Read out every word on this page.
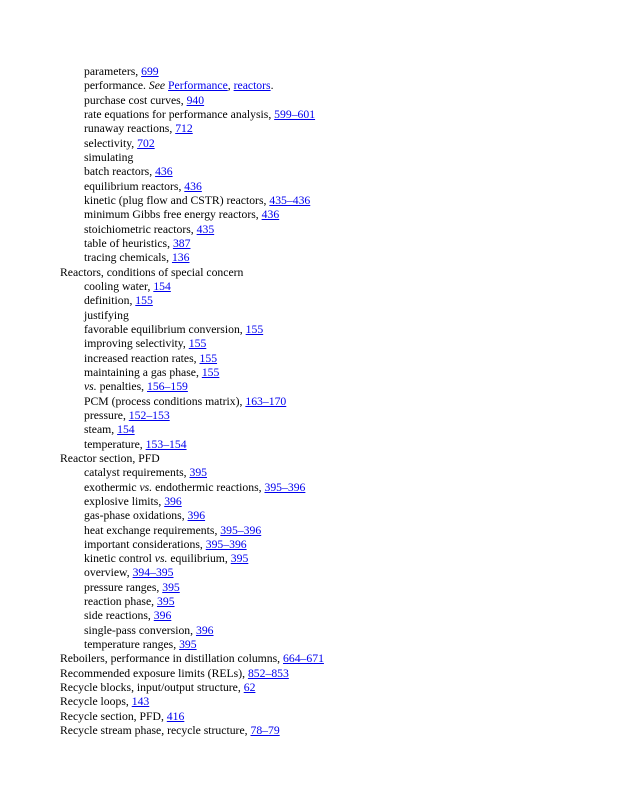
parameters, 699
performance. See Performance, reactors.
purchase cost curves, 940
rate equations for performance analysis, 599–601
runaway reactions, 712
selectivity, 702
simulating
batch reactors, 436
equilibrium reactors, 436
kinetic (plug flow and CSTR) reactors, 435–436
minimum Gibbs free energy reactors, 436
stoichiometric reactors, 435
table of heuristics, 387
tracing chemicals, 136
Reactors, conditions of special concern
cooling water, 154
definition, 155
justifying
favorable equilibrium conversion, 155
improving selectivity, 155
increased reaction rates, 155
maintaining a gas phase, 155
vs. penalties, 156–159
PCM (process conditions matrix), 163–170
pressure, 152–153
steam, 154
temperature, 153–154
Reactor section, PFD
catalyst requirements, 395
exothermic vs. endothermic reactions, 395–396
explosive limits, 396
gas-phase oxidations, 396
heat exchange requirements, 395–396
important considerations, 395–396
kinetic control vs. equilibrium, 395
overview, 394–395
pressure ranges, 395
reaction phase, 395
side reactions, 396
single-pass conversion, 396
temperature ranges, 395
Reboilers, performance in distillation columns, 664–671
Recommended exposure limits (RELs), 852–853
Recycle blocks, input/output structure, 62
Recycle loops, 143
Recycle section, PFD, 416
Recycle stream phase, recycle structure, 78–79
